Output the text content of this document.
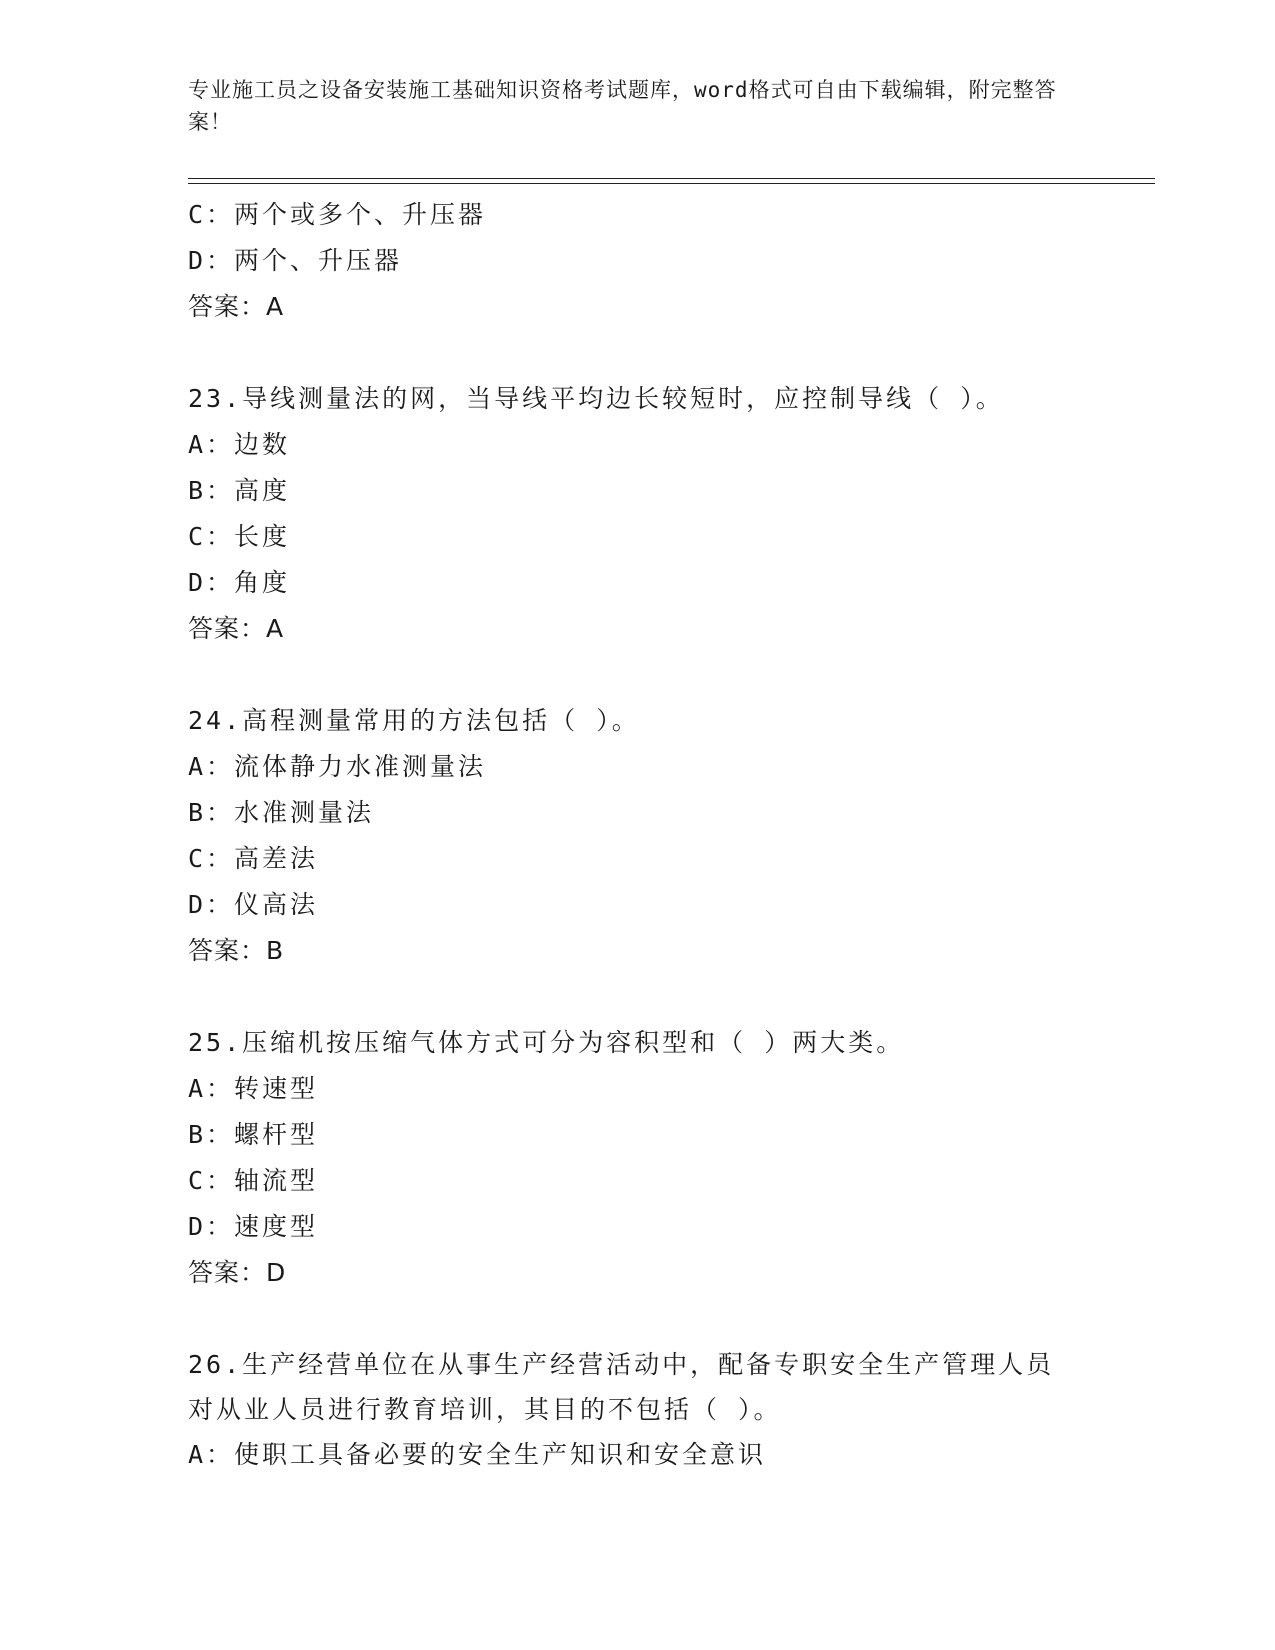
专业施工员之设备安装施工基础知识资格考试题库，word格式可自由下载编辑，附完整答案！
C：两个或多个、升压器
D：两个、升压器
答案：A
23.导线测量法的网，当导线平均边长较短时，应控制导线（ ）。
A：边数
B：高度
C：长度
D：角度
答案：A
24.高程测量常用的方法包括（ ）。
A：流体静力水准测量法
B：水准测量法
C：高差法
D：仪高法
答案：B
25.压缩机按压缩气体方式可分为容积型和（ ）两大类。
A：转速型
B：螺杆型
C：轴流型
D：速度型
答案：D
26.生产经营单位在从事生产经营活动中，配备专职安全生产管理人员
对从业人员进行教育培训，其目的不包括（ ）。
A：使职工具备必要的安全生产知识和安全意识
